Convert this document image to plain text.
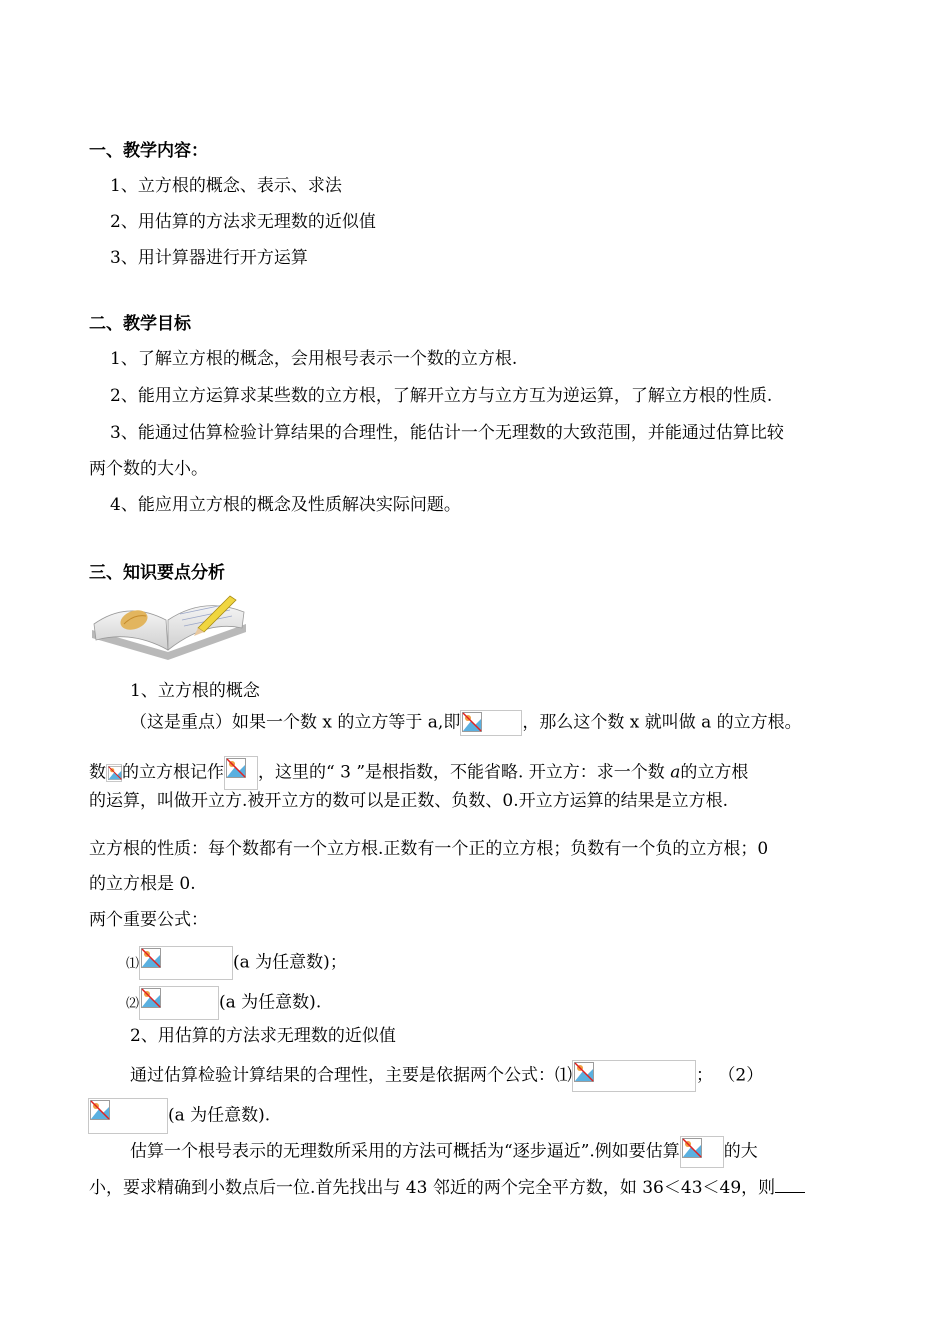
一、教学内容：
1、立方根的概念、表示、求法
2、用估算的方法求无理数的近似值
3、用计算器进行开方运算
二、教学目标
1、了解立方根的概念，会用根号表示一个数的立方根.
2、能用立方运算求某些数的立方根，了解开立方与立方互为逆运算，了解立方根的性质.
3、能通过估算检验计算结果的合理性，能估计一个无理数的大致范围，并能通过估算比较
两个数的大小。
4、能应用立方根的概念及性质解决实际问题。
三、知识要点分析
1、立方根的概念
（这是重点）如果一个数 x 的立方等于 a,即	，那么这个数 x 就叫做 a 的立方根。
数 的立方根记作 ，这里的“ 3 ”是根指数，不能省略. 开立方：求一个数 a的立方根
的运算，叫做开立方.被开立方的数可以是正数、负数、0.开立方运算的结果是立方根.
立方根的性质：每个数都有一个立方根.正数有一个正的立方根；负数有一个负的立方根；0
的立方根是 0.
两个重要公式：
⑴	(a 为任意数)；
⑵	(a 为任意数).
2、用估算的方法求无理数的近似值
通过估算检验计算结果的合理性，主要是依据两个公式：⑴	； （2）
(a 为任意数).
估算一个根号表示的无理数所采用的方法可概括为“逐步逼近”.例如要估算	的大
小，要求精确到小数点后一位.首先找出与 43 邻近的两个完全平方数，如 36＜43＜49，则
